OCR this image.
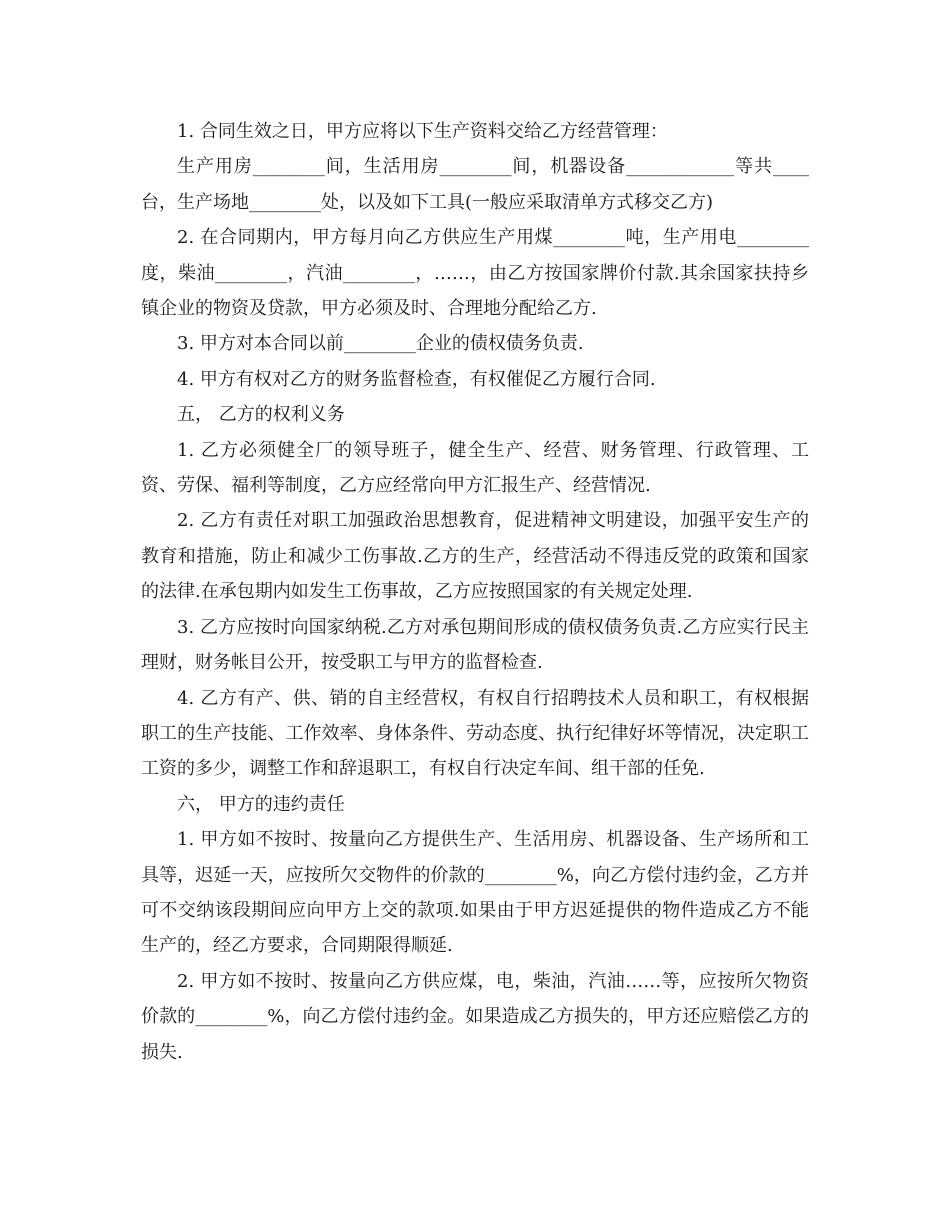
1. 合同生效之日，甲方应将以下生产资料交给乙方经营管理：

生产用房________间，生活用房________间，机器设备____________等共____台，生产场地________处，以及如下工具(一般应采取清单方式移交乙方)

2. 在合同期内，甲方每月向乙方供应生产用煤________吨，生产用电________度，柴油________，汽油________，……，由乙方按国家牌价付款.其余国家扶持乡镇企业的物资及贷款，甲方必须及时、合理地分配给乙方.

3. 甲方对本合同以前________企业的债权债务负责.

4. 甲方有权对乙方的财务监督检查，有权催促乙方履行合同.

五， 乙方的权利义务

1. 乙方必须健全厂的领导班子，健全生产、经营、财务管理、行政管理、工资、劳保、福利等制度，乙方应经常向甲方汇报生产、经营情况.

2. 乙方有责任对职工加强政治思想教育，促进精神文明建设，加强平安生产的教育和措施，防止和减少工伤事故.乙方的生产，经营活动不得违反党的政策和国家的法律.在承包期内如发生工伤事故，乙方应按照国家的有关规定处理.

3. 乙方应按时向国家纳税.乙方对承包期间形成的债权债务负责.乙方应实行民主理财，财务帐目公开，按受职工与甲方的监督检查.

4. 乙方有产、供、销的自主经营权，有权自行招聘技术人员和职工，有权根据职工的生产技能、工作效率、身体条件、劳动态度、执行纪律好坏等情况，决定职工工资的多少，调整工作和辞退职工，有权自行决定车间、组干部的任免.

六， 甲方的违约责任

1. 甲方如不按时、按量向乙方提供生产、生活用房、机器设备、生产场所和工具等，迟延一天，应按所欠交物件的价款的________%，向乙方偿付违约金，乙方并可不交纳该段期间应向甲方上交的款项.如果由于甲方迟延提供的物件造成乙方不能生产的，经乙方要求，合同期限得顺延.

2. 甲方如不按时、按量向乙方供应煤，电，柴油，汽油……等，应按所欠物资价款的________%，向乙方偿付违约金。如果造成乙方损失的，甲方还应赔偿乙方的损失.
